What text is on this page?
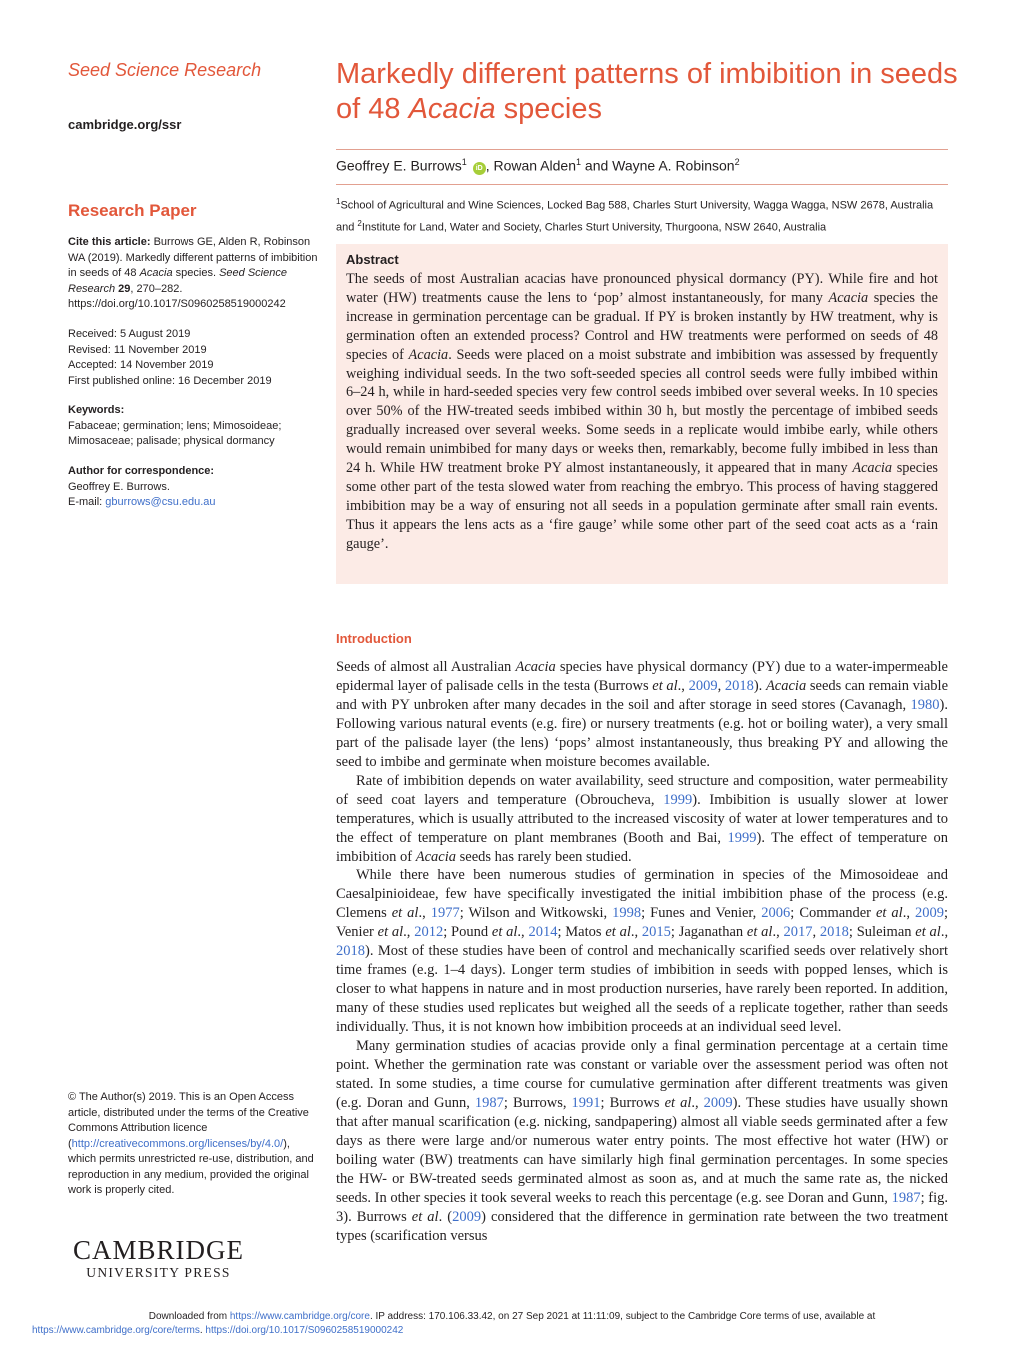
Seed Science Research
cambridge.org/ssr
Research Paper
Cite this article: Burrows GE, Alden R, Robinson WA (2019). Markedly different patterns of imbibition in seeds of 48 Acacia species. Seed Science Research 29, 270–282.
https://doi.org/10.1017/S0960258519000242
Received: 5 August 2019
Revised: 11 November 2019
Accepted: 14 November 2019
First published online: 16 December 2019
Keywords:
Fabaceae; germination; lens; Mimosoideae; Mimosaceae; palisade; physical dormancy
Author for correspondence:
Geoffrey E. Burrows.
E-mail: gburrows@csu.edu.au
© The Author(s) 2019. This is an Open Access article, distributed under the terms of the Creative Commons Attribution licence (http://creativecommons.org/licenses/by/4.0/), which permits unrestricted re-use, distribution, and reproduction in any medium, provided the original work is properly cited.
CAMBRIDGE
UNIVERSITY PRESS
Markedly different patterns of imbibition in seeds of 48 Acacia species
Geoffrey E. Burrows$^1$ iD , Rowan Alden$^1$ and Wayne A. Robinson$^2$
$^1$School of Agricultural and Wine Sciences, Locked Bag 588, Charles Sturt University, Wagga Wagga, NSW 2678, Australia and $^2$Institute for Land, Water and Society, Charles Sturt University, Thurgoona, NSW 2640, Australia
Abstract
The seeds of most Australian acacias have pronounced physical dormancy (PY). While fire and hot water (HW) treatments cause the lens to ‘pop’ almost instantaneously, for many Acacia species the increase in germination percentage can be gradual. If PY is broken instantly by HW treatment, why is germination often an extended process? Control and HW treatments were performed on seeds of 48 species of Acacia. Seeds were placed on a moist substrate and imbibition was assessed by frequently weighing individual seeds. In the two soft-seeded species all control seeds were fully imbibed within 6–24 h, while in hard-seeded species very few control seeds imbibed over several weeks. In 10 species over 50% of the HW-treated seeds imbibed within 30 h, but mostly the percentage of imbibed seeds gradually increased over several weeks. Some seeds in a replicate would imbibe early, while others would remain unimbibed for many days or weeks then, remarkably, become fully imbibed in less than 24 h. While HW treatment broke PY almost instantaneously, it appeared that in many Acacia species some other part of the testa slowed water from reaching the embryo. This process of having staggered imbibition may be a way of ensuring not all seeds in a population germinate after small rain events. Thus it appears the lens acts as a ‘fire gauge’ while some other part of the seed coat acts as a ‘rain gauge’.
Introduction

Seeds of almost all Australian Acacia species have physical dormancy (PY) due to a water-impermeable epidermal layer of palisade cells in the testa (Burrows et al., 2009, 2018). Acacia seeds can remain viable and with PY unbroken after many decades in the soil and after storage in seed stores (Cavanagh, 1980). Following various natural events (e.g. fire) or nursery treatments (e.g. hot or boiling water), a very small part of the palisade layer (the lens) ‘pops’ almost instantaneously, thus breaking PY and allowing the seed to imbibe and germinate when moisture becomes available.

Rate of imbibition depends on water availability, seed structure and composition, water permeability of seed coat layers and temperature (Obroucheva, 1999). Imbibition is usually slower at lower temperatures, which is usually attributed to the increased viscosity of water at lower temperatures and to the effect of temperature on plant membranes (Booth and Bai, 1999). The effect of temperature on imbibition of Acacia seeds has rarely been studied.

While there have been numerous studies of germination in species of the Mimosoideae and Caesalpinioideae, few have specifically investigated the initial imbibition phase of the process (e.g. Clemens et al., 1977; Wilson and Witkowski, 1998; Funes and Venier, 2006; Commander et al., 2009; Venier et al., 2012; Pound et al., 2014; Matos et al., 2015; Jaganathan et al., 2017, 2018; Suleiman et al., 2018). Most of these studies have been of control and mechanically scarified seeds over relatively short time frames (e.g. 1–4 days). Longer term studies of imbibition in seeds with popped lenses, which is closer to what happens in nature and in most production nurseries, have rarely been reported. In addition, many of these studies used replicates but weighed all the seeds of a replicate together, rather than seeds individually. Thus, it is not known how imbibition proceeds at an individual seed level.

Many germination studies of acacias provide only a final germination percentage at a certain time point. Whether the germination rate was constant or variable over the assessment period was often not stated. In some studies, a time course for cumulative germination after different treatments was given (e.g. Doran and Gunn, 1987; Burrows, 1991; Burrows et al., 2009). These studies have usually shown that after manual scarification (e.g. nicking, sandpapering) almost all viable seeds germinated after a few days as there were large and/or numerous water entry points. The most effective hot water (HW) or boiling water (BW) treatments can have similarly high final germination percentages. In some species the HW- or BW-treated seeds germinated almost as soon as, and at much the same rate as, the nicked seeds. In other species it took several weeks to reach this percentage (e.g. see Doran and Gunn, 1987; fig. 3). Burrows et al. (2009) considered that the difference in germination rate between the two treatment types (scarification versus

Downloaded from https://www.cambridge.org/core. IP address: 170.106.33.42, on 27 Sep 2021 at 11:11:09, subject to the Cambridge Core terms of use, available at
https://www.cambridge.org/core/terms. https://doi.org/10.1017/S0960258519000242
